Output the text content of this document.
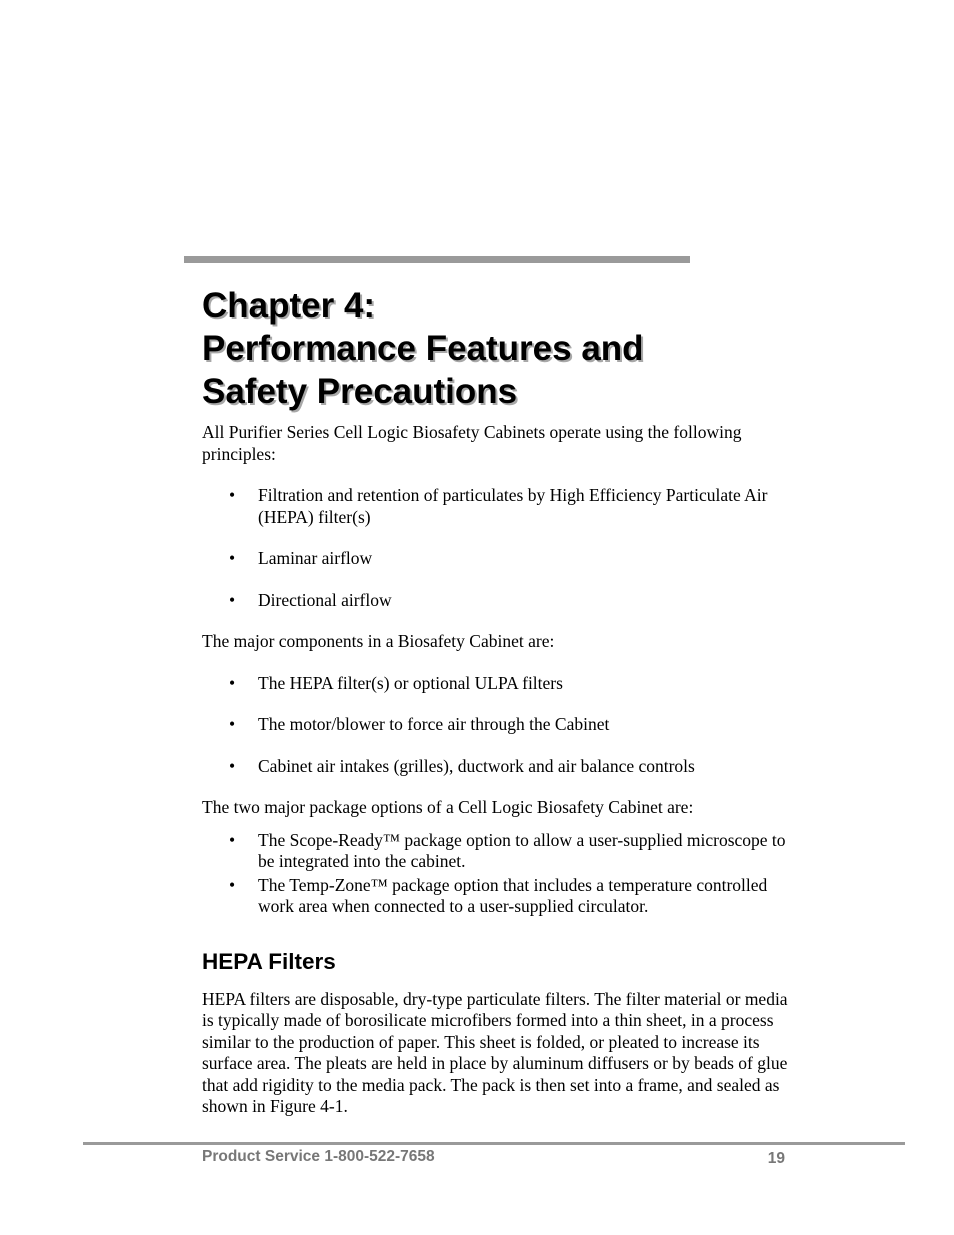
Chapter 4:
Performance Features and
Safety Precautions

All Purifier Series Cell Logic Biosafety Cabinets operate using the following principles:

• Filtration and retention of particulates by High Efficiency Particulate Air (HEPA) filter(s)
• Laminar airflow
• Directional airflow

The major components in a Biosafety Cabinet are:

• The HEPA filter(s) or optional ULPA filters
• The motor/blower to force air through the Cabinet
• Cabinet air intakes (grilles), ductwork and air balance controls

The two major package options of a Cell Logic Biosafety Cabinet are:

• The Scope-Ready™ package option to allow a user-supplied microscope to be integrated into the cabinet.
• The Temp-Zone™ package option that includes a temperature controlled work area when connected to a user-supplied circulator.
HEPA Filters

HEPA filters are disposable, dry-type particulate filters. The filter material or media is typically made of borosilicate microfibers formed into a thin sheet, in a process similar to the production of paper. This sheet is folded, or pleated to increase its surface area. The pleats are held in place by aluminum diffusers or by beads of glue that add rigidity to the media pack. The pack is then set into a frame, and sealed as shown in Figure 4-1.

Product Service 1-800-522-7658	19
